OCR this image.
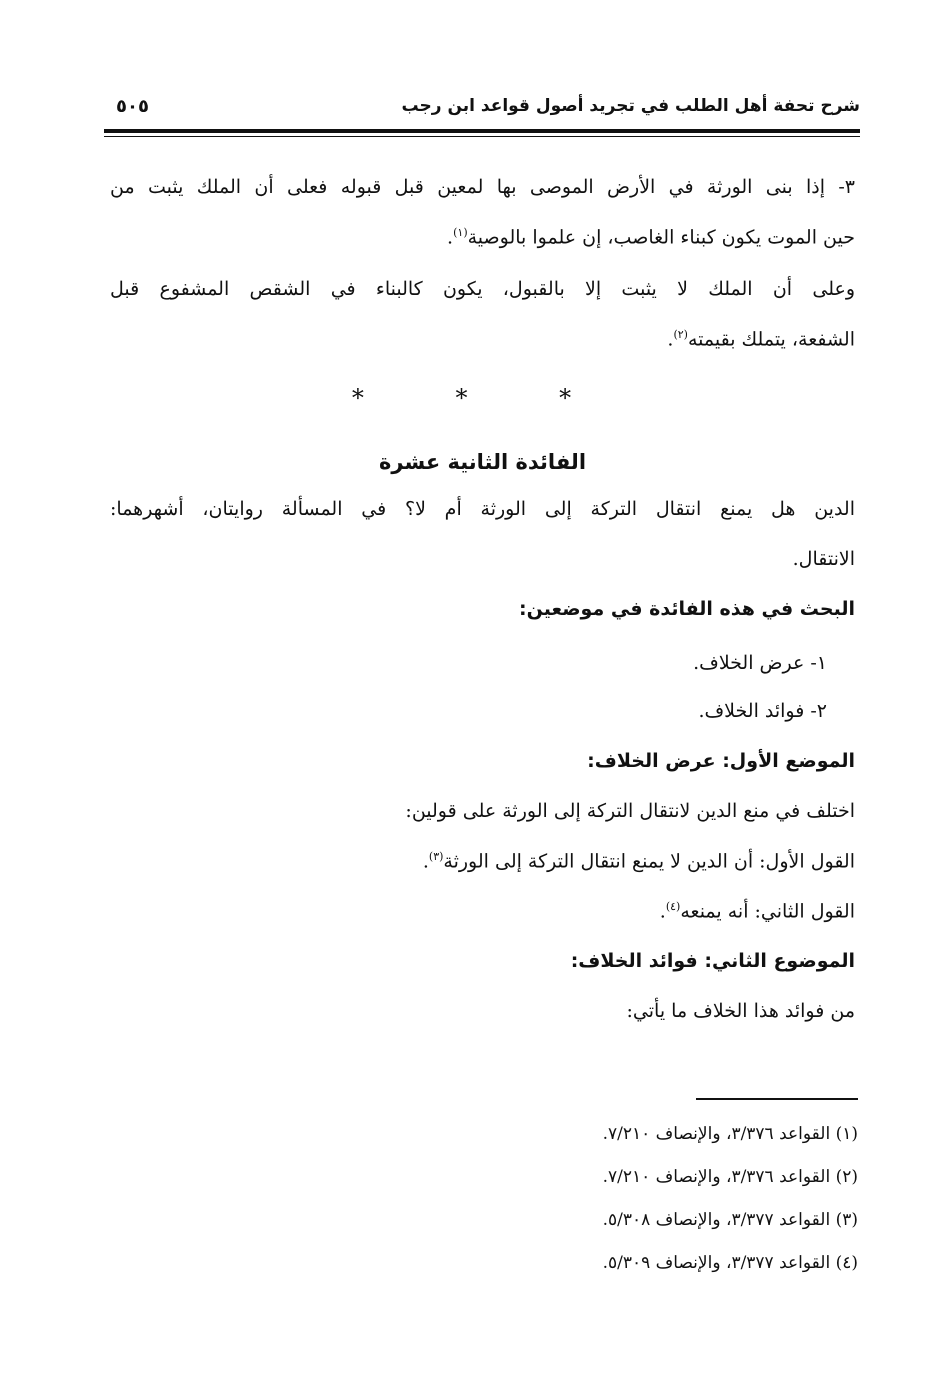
شرح تحفة أهل الطلب في تجريد أصول قواعد ابن رجب
٥٠٥
٣- إذا بنى الورثة في الأرض الموصى بها لمعين قبل قبوله فعلى أن الملك يثبت من
حين الموت يكون كبناء الغاصب، إن علموا بالوصية$^{(١)}$.
وعلى أن الملك لا يثبت إلا بالقبول، يكون كالبناء في الشقص المشفوع قبل
الشفعة، يتملك بقيمته$^{(٢)}$.
* * *
الفائدة الثانية عشرة
الدين هل يمنع انتقال التركة إلى الورثة أم لا؟ في المسألة روايتان، أشهرهما:
الانتقال.
البحث في هذه الفائدة في موضعين:
١- عرض الخلاف.
٢- فوائد الخلاف.
الموضع الأول: عرض الخلاف:
اختلف في منع الدين لانتقال التركة إلى الورثة على قولين:
القول الأول: أن الدين لا يمنع انتقال التركة إلى الورثة$^{(٣)}$.
القول الثاني: أنه يمنعه$^{(٤)}$.
الموضوع الثاني: فوائد الخلاف:
من فوائد هذا الخلاف ما يأتي:
(١) القواعد ٣/٣٧٦، والإنصاف ٧/٢١٠.
(٢) القواعد ٣/٣٧٦، والإنصاف ٧/٢١٠.
(٣) القواعد ٣/٣٧٧، والإنصاف ٥/٣٠٨.
(٤) القواعد ٣/٣٧٧، والإنصاف ٥/٣٠٩.
